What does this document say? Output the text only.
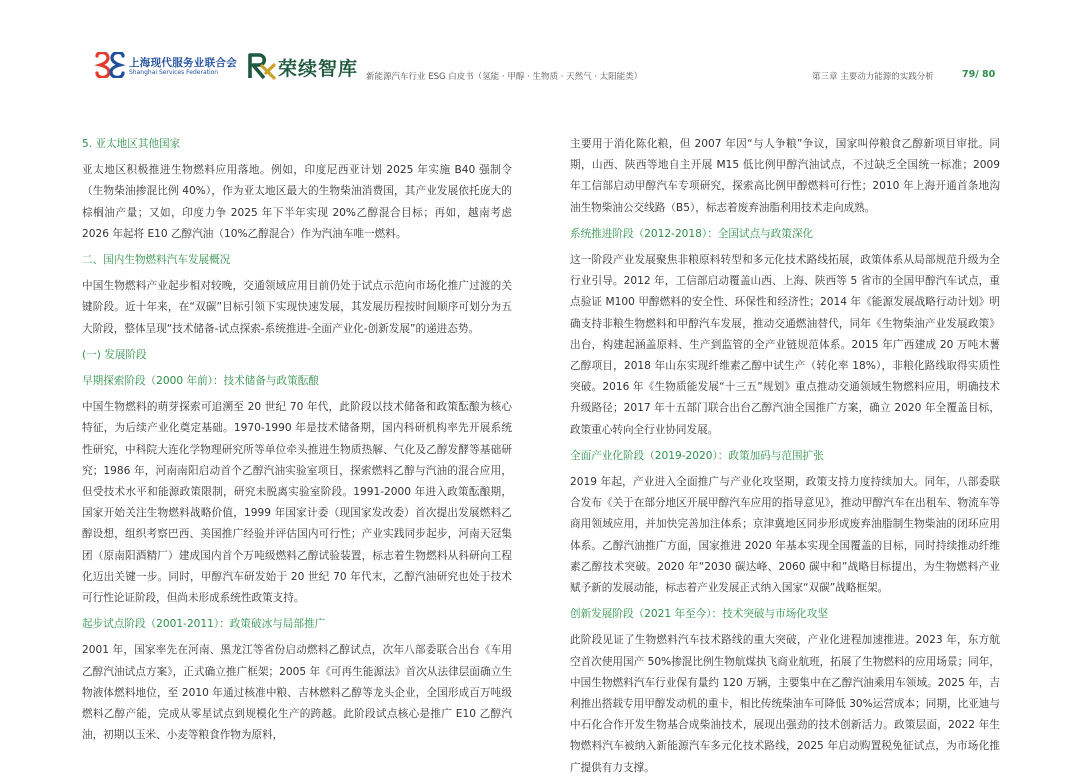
上海现代服务业联合会
Shanghai Services Federation	荣续智库 新能源汽车行业 ESG 白皮书（氢能 · 甲醇 · 生物质 · 天然气 · 太阳能类）	第三章 主要动力能源的实践分析	79/ 80
5. 亚太地区其他国家

亚太地区积极推进生物燃料应用落地。例如，印度尼西亚计划 2025 年实施 B40 强制令（生物柴油掺混比例 40%），作为亚太地区最大的生物柴油消费国，其产业发展依托庞大的棕榈油产量；又如，印度力争 2025 年下半年实现 20%乙醇混合目标；再如，越南考虑 2026 年起将 E10 乙醇汽油（10%乙醇混合）作为汽油车唯一燃料。

二、国内生物燃料汽车发展概况

中国生物燃料产业起步相对较晚，交通领域应用目前仍处于试点示范向市场化推广过渡的关键阶段。近十年来，在“双碳”目标引领下实现快速发展，其发展历程按时间顺序可划分为五大阶段，整体呈现“技术储备-试点探索-系统推进-全面产业化-创新发展”的递进态势。

(一) 发展阶段
早期探索阶段（2000 年前）：技术储备与政策酝酿

中国生物燃料的萌芽探索可追溯至 20 世纪 70 年代，此阶段以技术储备和政策酝酿为核心特征，为后续产业化奠定基础。1970-1990 年是技术储备期，国内科研机构率先开展系统性研究，中科院大连化学物理研究所等单位牵头推进生物质热解、气化及乙醇发酵等基础研究；1986 年，河南南阳启动首个乙醇汽油实验室项目，探索燃料乙醇与汽油的混合应用，但受技术水平和能源政策限制，研究未脱离实验室阶段。1991-2000 年进入政策酝酿期，国家开始关注生物燃料战略价值，1999 年国家计委（现国家发改委）首次提出发展燃料乙醇设想，组织考察巴西、美国推广经验并评估国内可行性；产业实践同步起步，河南天冠集团（原南阳酒精厂）建成国内首个万吨级燃料乙醇试验装置，标志着生物燃料从科研向工程化迈出关键一步。同时，甲醇汽车研发始于 20 世纪 70 年代末，乙醇汽油研究也处于技术可行性论证阶段，但尚未形成系统性政策支持。

起步试点阶段（2001-2011）：政策破冰与局部推广

2001 年，国家率先在河南、黑龙江等省份启动燃料乙醇试点，次年八部委联合出台《车用乙醇汽油试点方案》，正式确立推广框架；2005 年《可再生能源法》首次从法律层面确立生物液体燃料地位，至 2010 年通过核准中粮、吉林燃料乙醇等龙头企业，全国形成百万吨级燃料乙醇产能，完成从零星试点到规模化生产的跨越。此阶段试点核心是推广 E10 乙醇汽油，初期以玉米、小麦等粮食作物为原料，

主要用于消化陈化粮，但 2007 年因“与人争粮”争议，国家叫停粮食乙醇新项目审批。同期，山西、陕西等地自主开展 M15 低比例甲醇汽油试点，不过缺乏全国统一标准；2009 年工信部启动甲醇汽车专项研究，探索高比例甲醇燃料可行性；2010 年上海开通首条地沟油生物柴油公交线路（B5），标志着废弃油脂利用技术走向成熟。

系统推进阶段（2012-2018）：全国试点与政策深化

这一阶段产业发展聚焦非粮原料转型和多元化技术路线拓展，政策体系从局部规范升级为全行业引导。2012 年，工信部启动覆盖山西、上海、陕西等 5 省市的全国甲醇汽车试点，重点验证 M100 甲醇燃料的安全性、环保性和经济性；2014 年《能源发展战略行动计划》明确支持非粮生物燃料和甲醇汽车发展，推动交通燃油替代，同年《生物柴油产业发展政策》出台，构建起涵盖原料、生产到监管的全产业链规范体系。2015 年广西建成 20 万吨木薯乙醇项目，2018 年山东实现纤维素乙醇中试生产（转化率 18%），非粮化路线取得实质性突破。2016 年《生物质能发展“十三五”规划》重点推动交通领域生物燃料应用，明确技术升级路径；2017 年十五部门联合出台乙醇汽油全国推广方案，确立 2020 年全覆盖目标，政策重心转向全行业协同发展。

全面产业化阶段（2019-2020）：政策加码与范围扩张

2019 年起，产业进入全面推广与产业化攻坚期，政策支持力度持续加大。同年，八部委联合发布《关于在部分地区开展甲醇汽车应用的指导意见》，推动甲醇汽车在出租车、物流车等商用领域应用，并加快完善加注体系；京津冀地区同步形成废弃油脂制生物柴油的闭环应用体系。乙醇汽油推广方面，国家推进 2020 年基本实现全国覆盖的目标，同时持续推动纤维素乙醇技术突破。2020 年“2030 碳达峰、2060 碳中和”战略目标提出，为生物燃料产业赋予新的发展动能，标志着产业发展正式纳入国家“双碳”战略框架。

创新发展阶段（2021 年至今）：技术突破与市场化攻坚

此阶段见证了生物燃料汽车技术路线的重大突破，产业化进程加速推进。2023 年，东方航空首次使用国产 50%掺混比例生物航煤执飞商业航班，拓展了生物燃料的应用场景；同年，中国生物燃料汽车行业保有量约 120 万辆，主要集中在乙醇汽油乘用车领域。2025 年，吉利推出搭载专用甲醇发动机的重卡，相比传统柴油车可降低 30%运营成本；同期，比亚迪与中石化合作开发生物基合成柴油技术，展现出强劲的技术创新活力。政策层面，2022 年生物燃料汽车被纳入新能源汽车多元化技术路线，2025 年启动购置税免征试点，为市场化推广提供有力支撑。
